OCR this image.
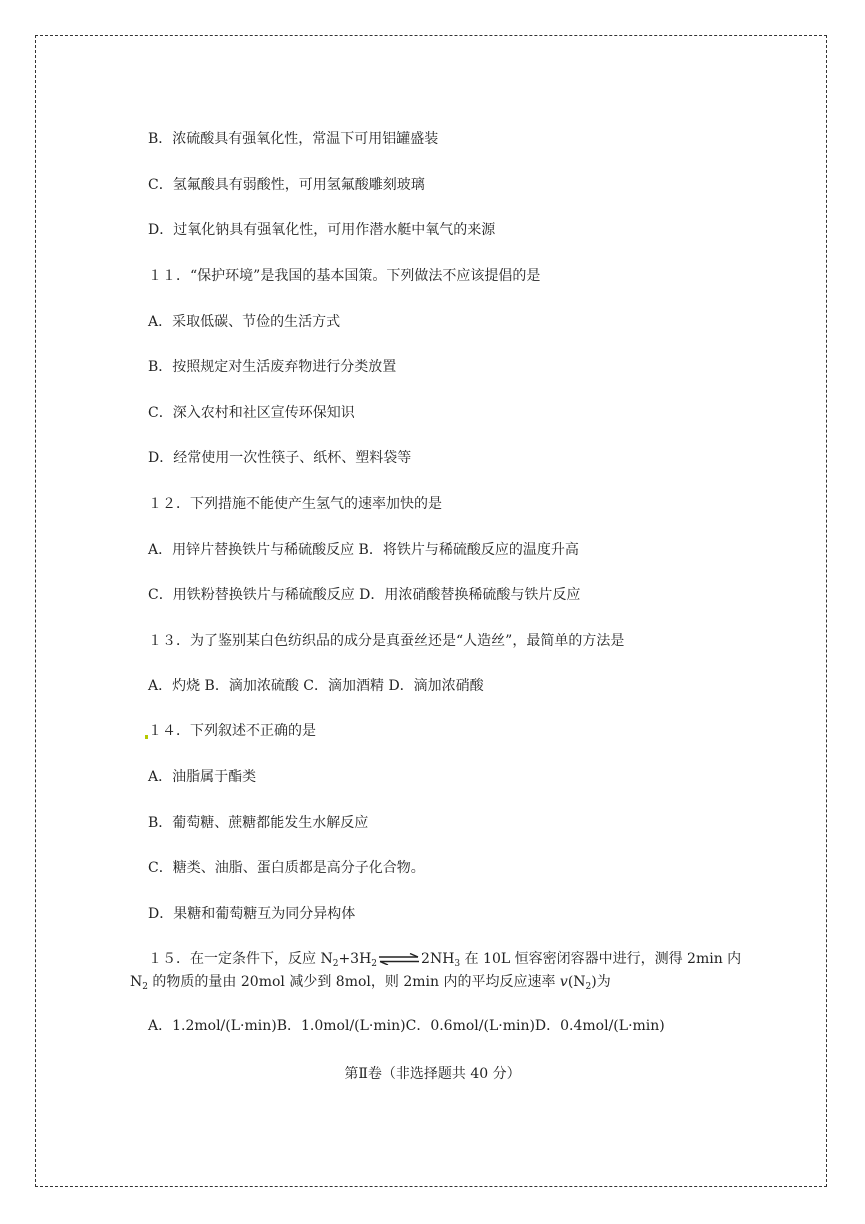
B．浓硫酸具有强氧化性，常温下可用铝罐盛装
C．氢氟酸具有弱酸性，可用氢氟酸雕刻玻璃
D．过氧化钠具有强氧化性，可用作潜水艇中氧气的来源
１１．“保护环境”是我国的基本国策。下列做法不应该提倡的是
A．采取低碳、节俭的生活方式
B．按照规定对生活废弃物进行分类放置
C．深入农村和社区宣传环保知识
D．经常使用一次性筷子、纸杯、塑料袋等
１２．下列措施不能使产生氢气的速率加快的是
A．用锌片替换铁片与稀硫酸反应 B．将铁片与稀硫酸反应的温度升高
C．用铁粉替换铁片与稀硫酸反应 D．用浓硝酸替换稀硫酸与铁片反应
１３．为了鉴别某白色纺织品的成分是真蚕丝还是“人造丝”，最简单的方法是
A．灼烧 B．滴加浓硫酸 C．滴加酒精 D．滴加浓硝酸
１４．下列叙述不正确的是
A．油脂属于酯类
B．葡萄糖、蔗糖都能发生水解反应
C．糖类、油脂、蛋白质都是高分子化合物。
D．果糖和葡萄糖互为同分异构体
１５．在一定条件下，反应 $N_2+3H_2\rightleftharpoons 2NH_3$ 在 10L 恒容密闭容器中进行，测得 2min 内
$N_2$ 的物质的量由 20mol 减少到 8mol，则 2min 内的平均反应速率 $v(N_2)$为
A．1.2mol/(L·min)B．1.0mol/(L·min)C．0.6mol/(L·min)D．0.4mol/(L·min)
第Ⅱ卷（非选择题共 40 分）
